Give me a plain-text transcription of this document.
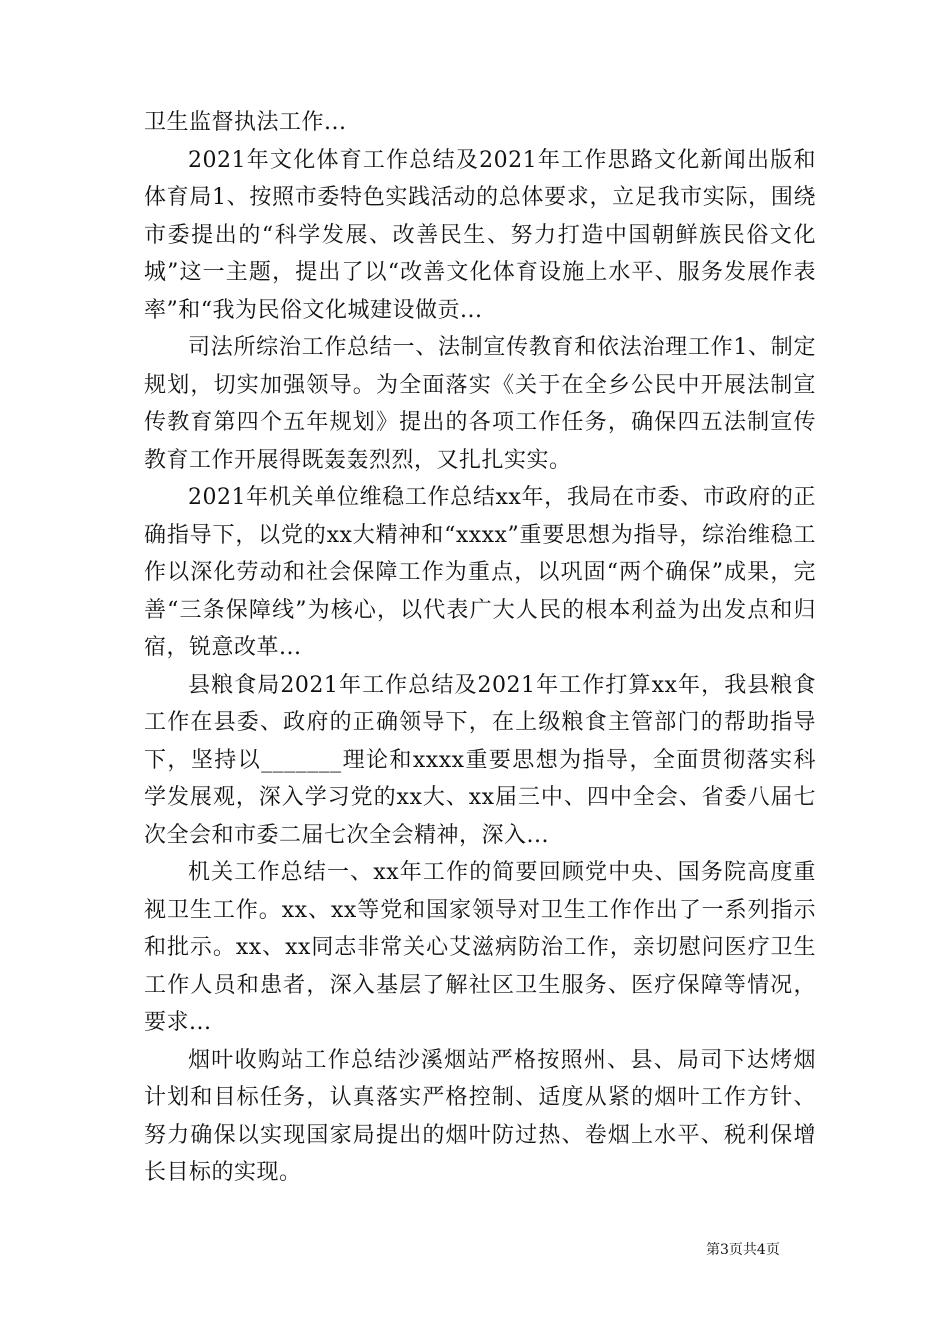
卫生监督执法工作...

2021年文化体育工作总结及2021年工作思路文化新闻出版和体育局1、按照市委特色实践活动的总体要求，立足我市实际，围绕市委提出的“科学发展、改善民生、努力打造中国朝鲜族民俗文化城”这一主题，提出了以“改善文化体育设施上水平、服务发展作表率”和“我为民俗文化城建设做贡...

司法所综治工作总结一、法制宣传教育和依法治理工作1、制定规划，切实加强领导。为全面落实《关于在全乡公民中开展法制宣传教育第四个五年规划》提出的各项工作任务，确保四五法制宣传教育工作开展得既轰轰烈烈，又扎扎实实。

2021年机关单位维稳工作总结xx年，我局在市委、市政府的正确指导下，以党的xx大精神和“xxxx”重要思想为指导，综治维稳工作以深化劳动和社会保障工作为重点，以巩固“两个确保”成果，完善“三条保障线”为核心，以代表广大人民的根本利益为出发点和归宿，锐意改革...

县粮食局2021年工作总结及2021年工作打算xx年，我县粮食工作在县委、政府的正确领导下，在上级粮食主管部门的帮助指导下，坚持以_______理论和xxxx重要思想为指导，全面贯彻落实科学发展观，深入学习党的xx大、xx届三中、四中全会、省委八届七次全会和市委二届七次全会精神，深入...

机关工作总结一、xx年工作的简要回顾党中央、国务院高度重视卫生工作。xx、xx等党和国家领导对卫生工作作出了一系列指示和批示。xx、xx同志非常关心艾滋病防治工作，亲切慰问医疗卫生工作人员和患者，深入基层了解社区卫生服务、医疗保障等情况，要求...

烟叶收购站工作总结沙溪烟站严格按照州、县、局司下达烤烟计划和目标任务，认真落实严格控制、适度从紧的烟叶工作方针、努力确保以实现国家局提出的烟叶防过热、卷烟上水平、税利保增长目标的实现。

第3页共4页
